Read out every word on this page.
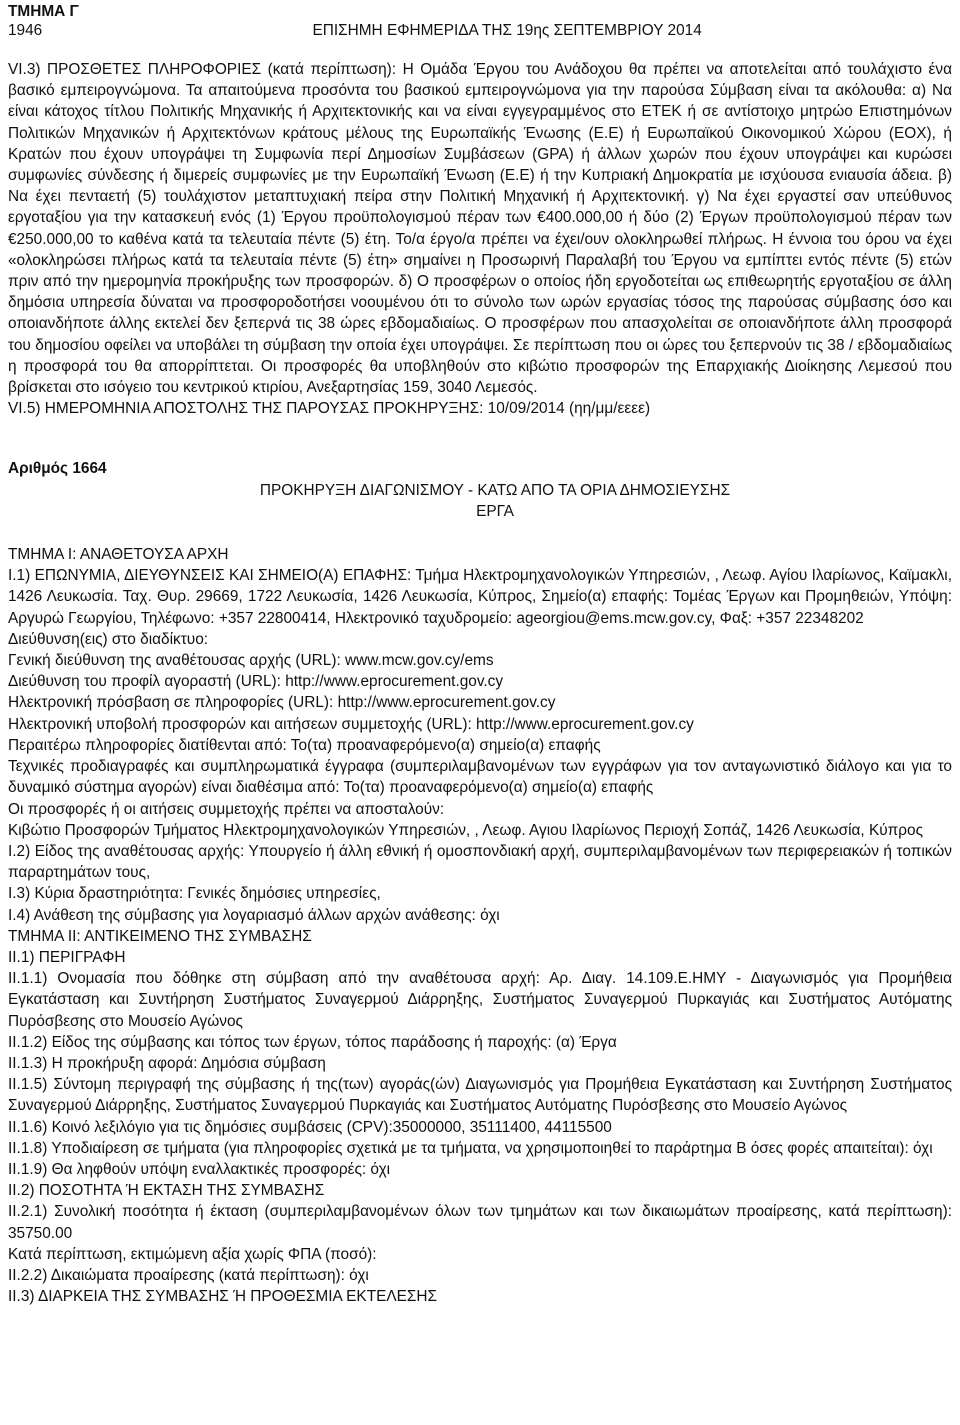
ΤΜΗΜΑ Γ
1946	ΕΠΙΣΗΜΗ ΕΦΗΜΕΡΙΔΑ ΤΗΣ 19ης ΣΕΠΤΕΜΒΡΙΟΥ 2014

VI.3) ΠΡΟΣΘΕΤΕΣ ΠΛΗΡΟΦΟΡΙΕΣ (κατά περίπτωση): Η Ομάδα Έργου του Ανάδοχου θα πρέπει να αποτελείται από τουλάχιστο ένα βασικό εμπειρογνώμονα. Τα απαιτούμενα προσόντα του βασικού εμπειρογνώμονα για την παρούσα Σύμβαση είναι τα ακόλουθα: α) Να είναι κάτοχος τίτλου Πολιτικής Μηχανικής ή Αρχιτεκτονικής και να είναι εγγεγραμμένος στο ΕΤΕΚ ή σε αντίστοιχο μητρώο Επιστημόνων Πολιτικών Μηχανικών ή Αρχιτεκτόνων κράτους μέλους της Ευρωπαϊκής Ένωσης (Ε.Ε) ή Ευρωπαϊκού Οικονομικού Χώρου (ΕΟΧ), ή Κρατών που έχουν υπογράψει τη Συμφωνία περί Δημοσίων Συμβάσεων (GPA) ή άλλων χωρών που έχουν υπογράψει και κυρώσει συμφωνίες σύνδεσης ή διμερείς συμφωνίες με την Ευρωπαϊκή Ένωση (Ε.Ε) ή την Κυπριακή Δημοκρατία με ισχύουσα ενιαυσία άδεια. β) Να έχει πενταετή (5) τουλάχιστον μεταπτυχιακή πείρα στην Πολιτική Μηχανική ή Αρχιτεκτονική. γ) Να έχει εργαστεί σαν υπεύθυνος εργοταξίου για την κατασκευή ενός (1) Έργου προϋπολογισμού πέραν των €400.000,00 ή δύο (2) Έργων προϋπολογισμού πέραν των €250.000,00 το καθένα κατά τα τελευταία πέντε (5) έτη. Το/α έργο/α πρέπει να έχει/ουν ολοκληρωθεί πλήρως. Η έννοια του όρου να έχει «ολοκληρώσει πλήρως κατά τα τελευταία πέντε (5) έτη» σημαίνει η Προσωρινή Παραλαβή του Έργου να εμπίπτει εντός πέντε (5) ετών πριν από την ημερομηνία προκήρυξης των προσφορών. δ) Ο προσφέρων ο οποίος ήδη εργοδοτείται ως επιθεωρητής εργοταξίου σε άλλη δημόσια υπηρεσία δύναται να προσφοροδοτήσει νοουμένου ότι το σύνολο των ωρών εργασίας τόσος της παρούσας σύμβασης όσο και οποιανδήποτε άλλης εκτελεί δεν ξεπερνά τις 38 ώρες εβδομαδιαίως. Ο προσφέρων που απασχολείται σε οποιανδήποτε άλλη προσφορά του δημοσίου οφείλει να υποβάλει τη σύμβαση την οποία έχει υπογράψει. Σε περίπτωση που οι ώρες του ξεπερνούν τις 38 / εβδομαδιαίως η προσφορά του θα απορρίπτεται. Οι προσφορές θα υποβληθούν στο κιβώτιο προσφορών της Επαρχιακής Διοίκησης Λεμεσού που βρίσκεται στο ισόγειο του κεντρικού κτιρίου, Ανεξαρτησίας 159, 3040 Λεμεσός.

VI.5) ΗΜΕΡΟΜΗΝΙΑ ΑΠΟΣΤΟΛΗΣ ΤΗΣ ΠΑΡΟΥΣΑΣ ΠΡΟΚΗΡΥΞΗΣ: 10/09/2014 (ηη/μμ/εεεε)

Αριθμός 1664
ΠΡΟΚΗΡΥΞΗ ΔΙΑΓΩΝΙΣΜΟΥ - ΚΑΤΩ ΑΠΟ ΤΑ ΟΡΙΑ ΔΗΜΟΣΙΕΥΣΗΣ
ΕΡΓΑ

ΤΜΗΜΑ Ι: ΑΝΑΘΕΤΟΥΣΑ ΑΡΧΗ

Ι.1) ΕΠΩΝΥΜΙΑ, ΔΙΕΥΘΥΝΣΕΙΣ ΚΑΙ ΣΗΜΕΙΟ(Α) ΕΠΑΦΗΣ: Τμήμα Ηλεκτρομηχανολογικών Υπηρεσιών, , Λεωφ. Αγίου Ιλαρίωνος, Καϊμακλι, 1426 Λευκωσία. Ταχ. Θυρ. 29669, 1722 Λευκωσία, 1426 Λευκωσία, Κύπρος, Σημείο(α) επαφής: Τομέας Έργων και Προμηθειών, Υπόψη: Αργυρώ Γεωργίου, Τηλέφωνο: +357 22800414, Ηλεκτρονικό ταχυδρομείο: ageorgiou@ems.mcw.gov.cy, Φαξ: +357 22348202

Διεύθυνση(εις) στο διαδίκτυο:

Γενική διεύθυνση της αναθέτουσας αρχής (URL): www.mcw.gov.cy/ems

Διεύθυνση του προφίλ αγοραστή (URL): http://www.eprocurement.gov.cy

Ηλεκτρονική πρόσβαση σε πληροφορίες (URL): http://www.eprocurement.gov.cy

Ηλεκτρονική υποβολή προσφορών και αιτήσεων συμμετοχής (URL): http://www.eprocurement.gov.cy

Περαιτέρω πληροφορίες διατίθενται από: Το(τα) προαναφερόμενο(α) σημείο(α) επαφής

Τεχνικές προδιαγραφές και συμπληρωματικά έγγραφα (συμπεριλαμβανομένων των εγγράφων για τον ανταγωνιστικό διάλογο και για το δυναμικό σύστημα αγορών) είναι διαθέσιμα από: Το(τα) προαναφερόμενο(α) σημείο(α) επαφής

Οι προσφορές ή οι αιτήσεις συμμετοχής πρέπει να αποσταλούν:

Κιβώτιο Προσφορών Τμήματος Ηλεκτρομηχανολογικών Υπηρεσιών, , Λεωφ. Αγιου Ιλαρίωνος Περιοχή Σοπάζ, 1426 Λευκωσία, Κύπρος

Ι.2) Είδος της αναθέτουσας αρχής: Υπουργείο ή άλλη εθνική ή ομοσπονδιακή αρχή, συμπεριλαμβανομένων των περιφερειακών ή τοπικών παραρτημάτων τους,

Ι.3) Κύρια δραστηριότητα: Γενικές δημόσιες υπηρεσίες,

Ι.4) Ανάθεση της σύμβασης για λογαριασμό άλλων αρχών ανάθεσης: όχι

ΤΜΗΜΑ ΙΙ: ΑΝΤΙΚΕΙΜΕΝΟ ΤΗΣ ΣΥΜΒΑΣΗΣ

ΙΙ.1) ΠΕΡΙΓΡΑΦΗ

ΙΙ.1.1) Ονομασία που δόθηκε στη σύμβαση από την αναθέτουσα αρχή: Αρ. Διαγ. 14.109.Ε.ΗΜΥ - Διαγωνισμός για Προμήθεια Εγκατάσταση και Συντήρηση Συστήματος Συναγερμού Διάρρηξης, Συστήματος Συναγερμού Πυρκαγιάς και Συστήματος Αυτόματης Πυρόσβεσης στο Μουσείο Αγώνος

ΙΙ.1.2) Είδος της σύμβασης και τόπος των έργων, τόπος παράδοσης ή παροχής: (α) Έργα

ΙΙ.1.3) Η προκήρυξη αφορά: Δημόσια σύμβαση

ΙΙ.1.5) Σύντομη περιγραφή της σύμβασης ή της(των) αγοράς(ών) Διαγωνισμός για Προμήθεια Εγκατάσταση και Συντήρηση Συστήματος Συναγερμού Διάρρηξης, Συστήματος Συναγερμού Πυρκαγιάς και Συστήματος Αυτόματης Πυρόσβεσης στο Μουσείο Αγώνος

ΙΙ.1.6) Κοινό λεξιλόγιο για τις δημόσιες συμβάσεις (CPV):35000000, 35111400, 44115500

ΙΙ.1.8) Υποδιαίρεση σε τμήματα (για πληροφορίες σχετικά με τα τμήματα, να χρησιμοποιηθεί το παράρτημα Β όσες φορές απαιτείται): όχι

ΙΙ.1.9) Θα ληφθούν υπόψη εναλλακτικές προσφορές: όχι

ΙΙ.2) ΠΟΣΟΤΗΤΑ Ή ΕΚΤΑΣΗ ΤΗΣ ΣΥΜΒΑΣΗΣ

ΙΙ.2.1) Συνολική ποσότητα ή έκταση (συμπεριλαμβανομένων όλων των τμημάτων και των δικαιωμάτων προαίρεσης, κατά περίπτωση): 35750.00

Κατά περίπτωση, εκτιμώμενη αξία χωρίς ΦΠΑ (ποσό):

ΙΙ.2.2) Δικαιώματα προαίρεσης (κατά περίπτωση): όχι

ΙΙ.3) ΔΙΑΡΚΕΙΑ ΤΗΣ ΣΥΜΒΑΣΗΣ Ή ΠΡΟΘΕΣΜΙΑ ΕΚΤΕΛΕΣΗΣ
